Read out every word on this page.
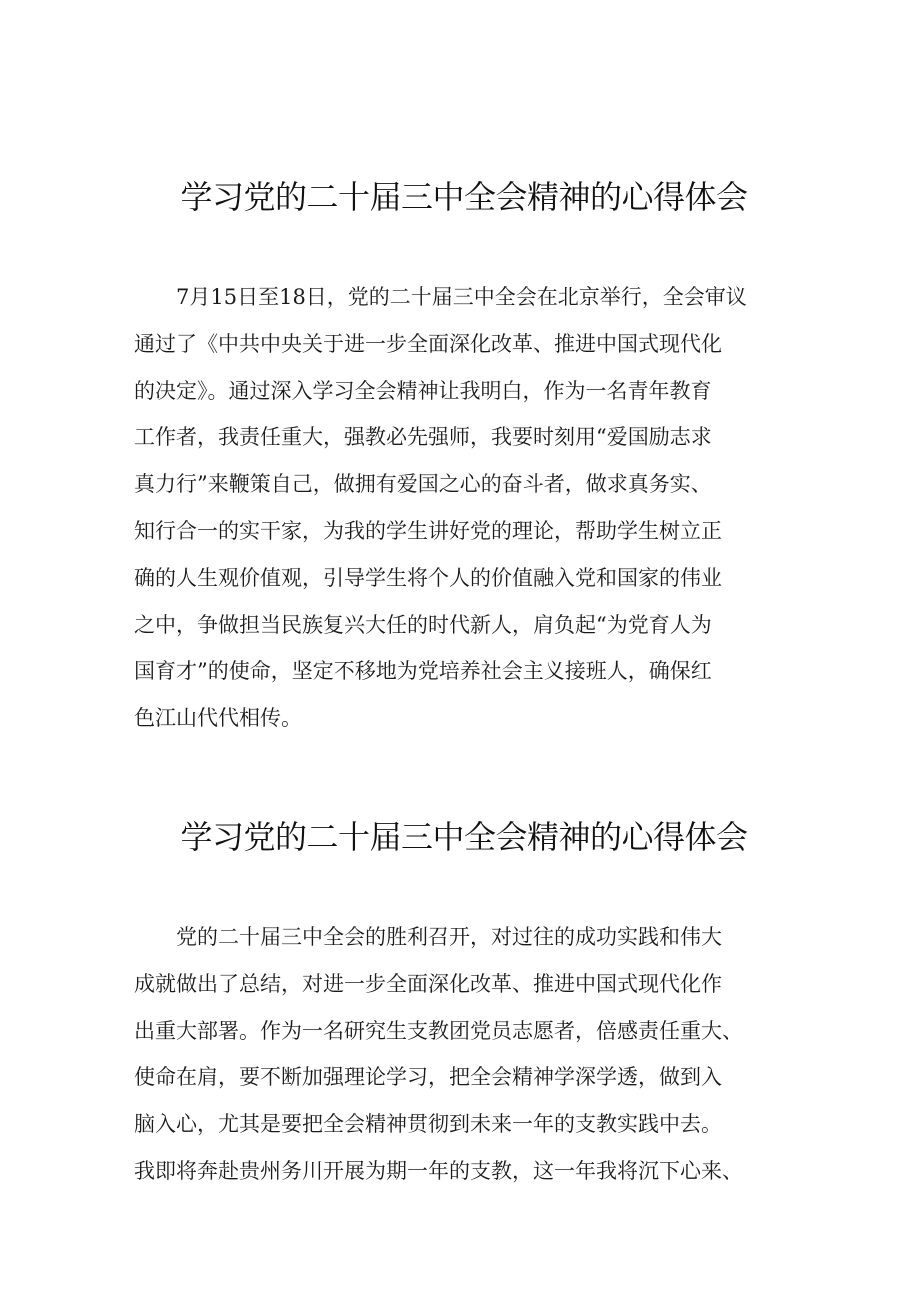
学习党的二十届三中全会精神的心得体会

7月15日至18日，党的二十届三中全会在北京举行，全会审议
通过了《中共中央关于进一步全面深化改革、推进中国式现代化
的决定》。通过深入学习全会精神让我明白，作为一名青年教育
工作者，我责任重大，强教必先强师，我要时刻用“爱国励志求
真力行”来鞭策自己，做拥有爱国之心的奋斗者，做求真务实、
知行合一的实干家，为我的学生讲好党的理论，帮助学生树立正
确的人生观价值观，引导学生将个人的价值融入党和国家的伟业
之中，争做担当民族复兴大任的时代新人，肩负起“为党育人为
国育才”的使命，坚定不移地为党培养社会主义接班人，确保红
色江山代代相传。

学习党的二十届三中全会精神的心得体会

党的二十届三中全会的胜利召开，对过往的成功实践和伟大
成就做出了总结，对进一步全面深化改革、推进中国式现代化作
出重大部署。作为一名研究生支教团党员志愿者，倍感责任重大、
使命在肩，要不断加强理论学习，把全会精神学深学透，做到入
脑入心，尤其是要把全会精神贯彻到未来一年的支教实践中去。
我即将奔赴贵州务川开展为期一年的支教，这一年我将沉下心来、
